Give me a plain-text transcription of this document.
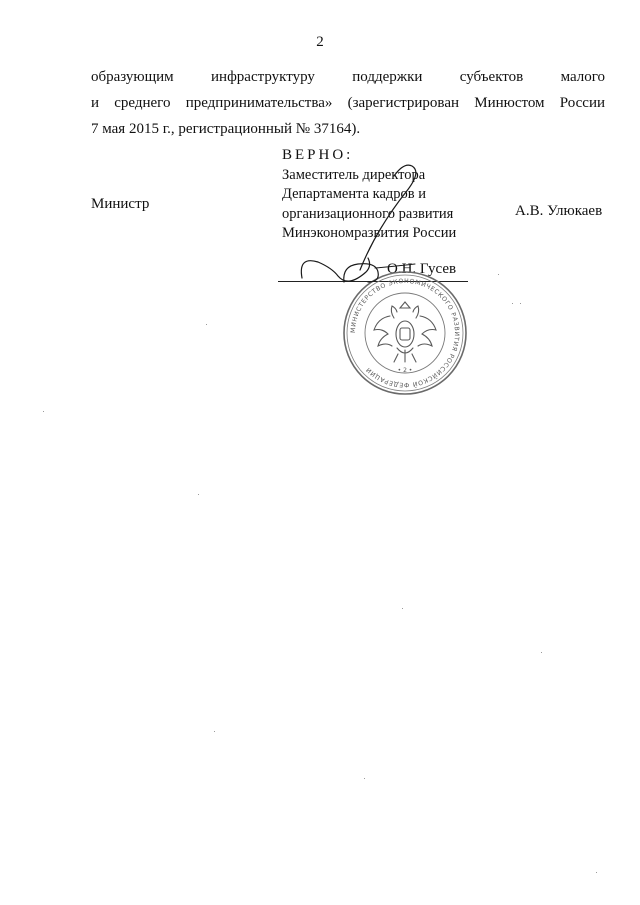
2
образующим инфраструктуру поддержки субъектов малого
и среднего предпринимательства» (зарегистрирован Минюстом России
7 мая 2015 г., регистрационный № 37164).
ВЕРНО:
Заместитель директора
Департамента кадров и
организационного развития
Минэкономразвития России
Министр	А.В. Улюкаев
О.Н. Гусев
МИНИСТЕРСТВО ЭКОНОМИЧЕСКОГО РАЗВИТИЯ РОССИЙСКОЙ ФЕДЕРАЦИИ	• 2 •
